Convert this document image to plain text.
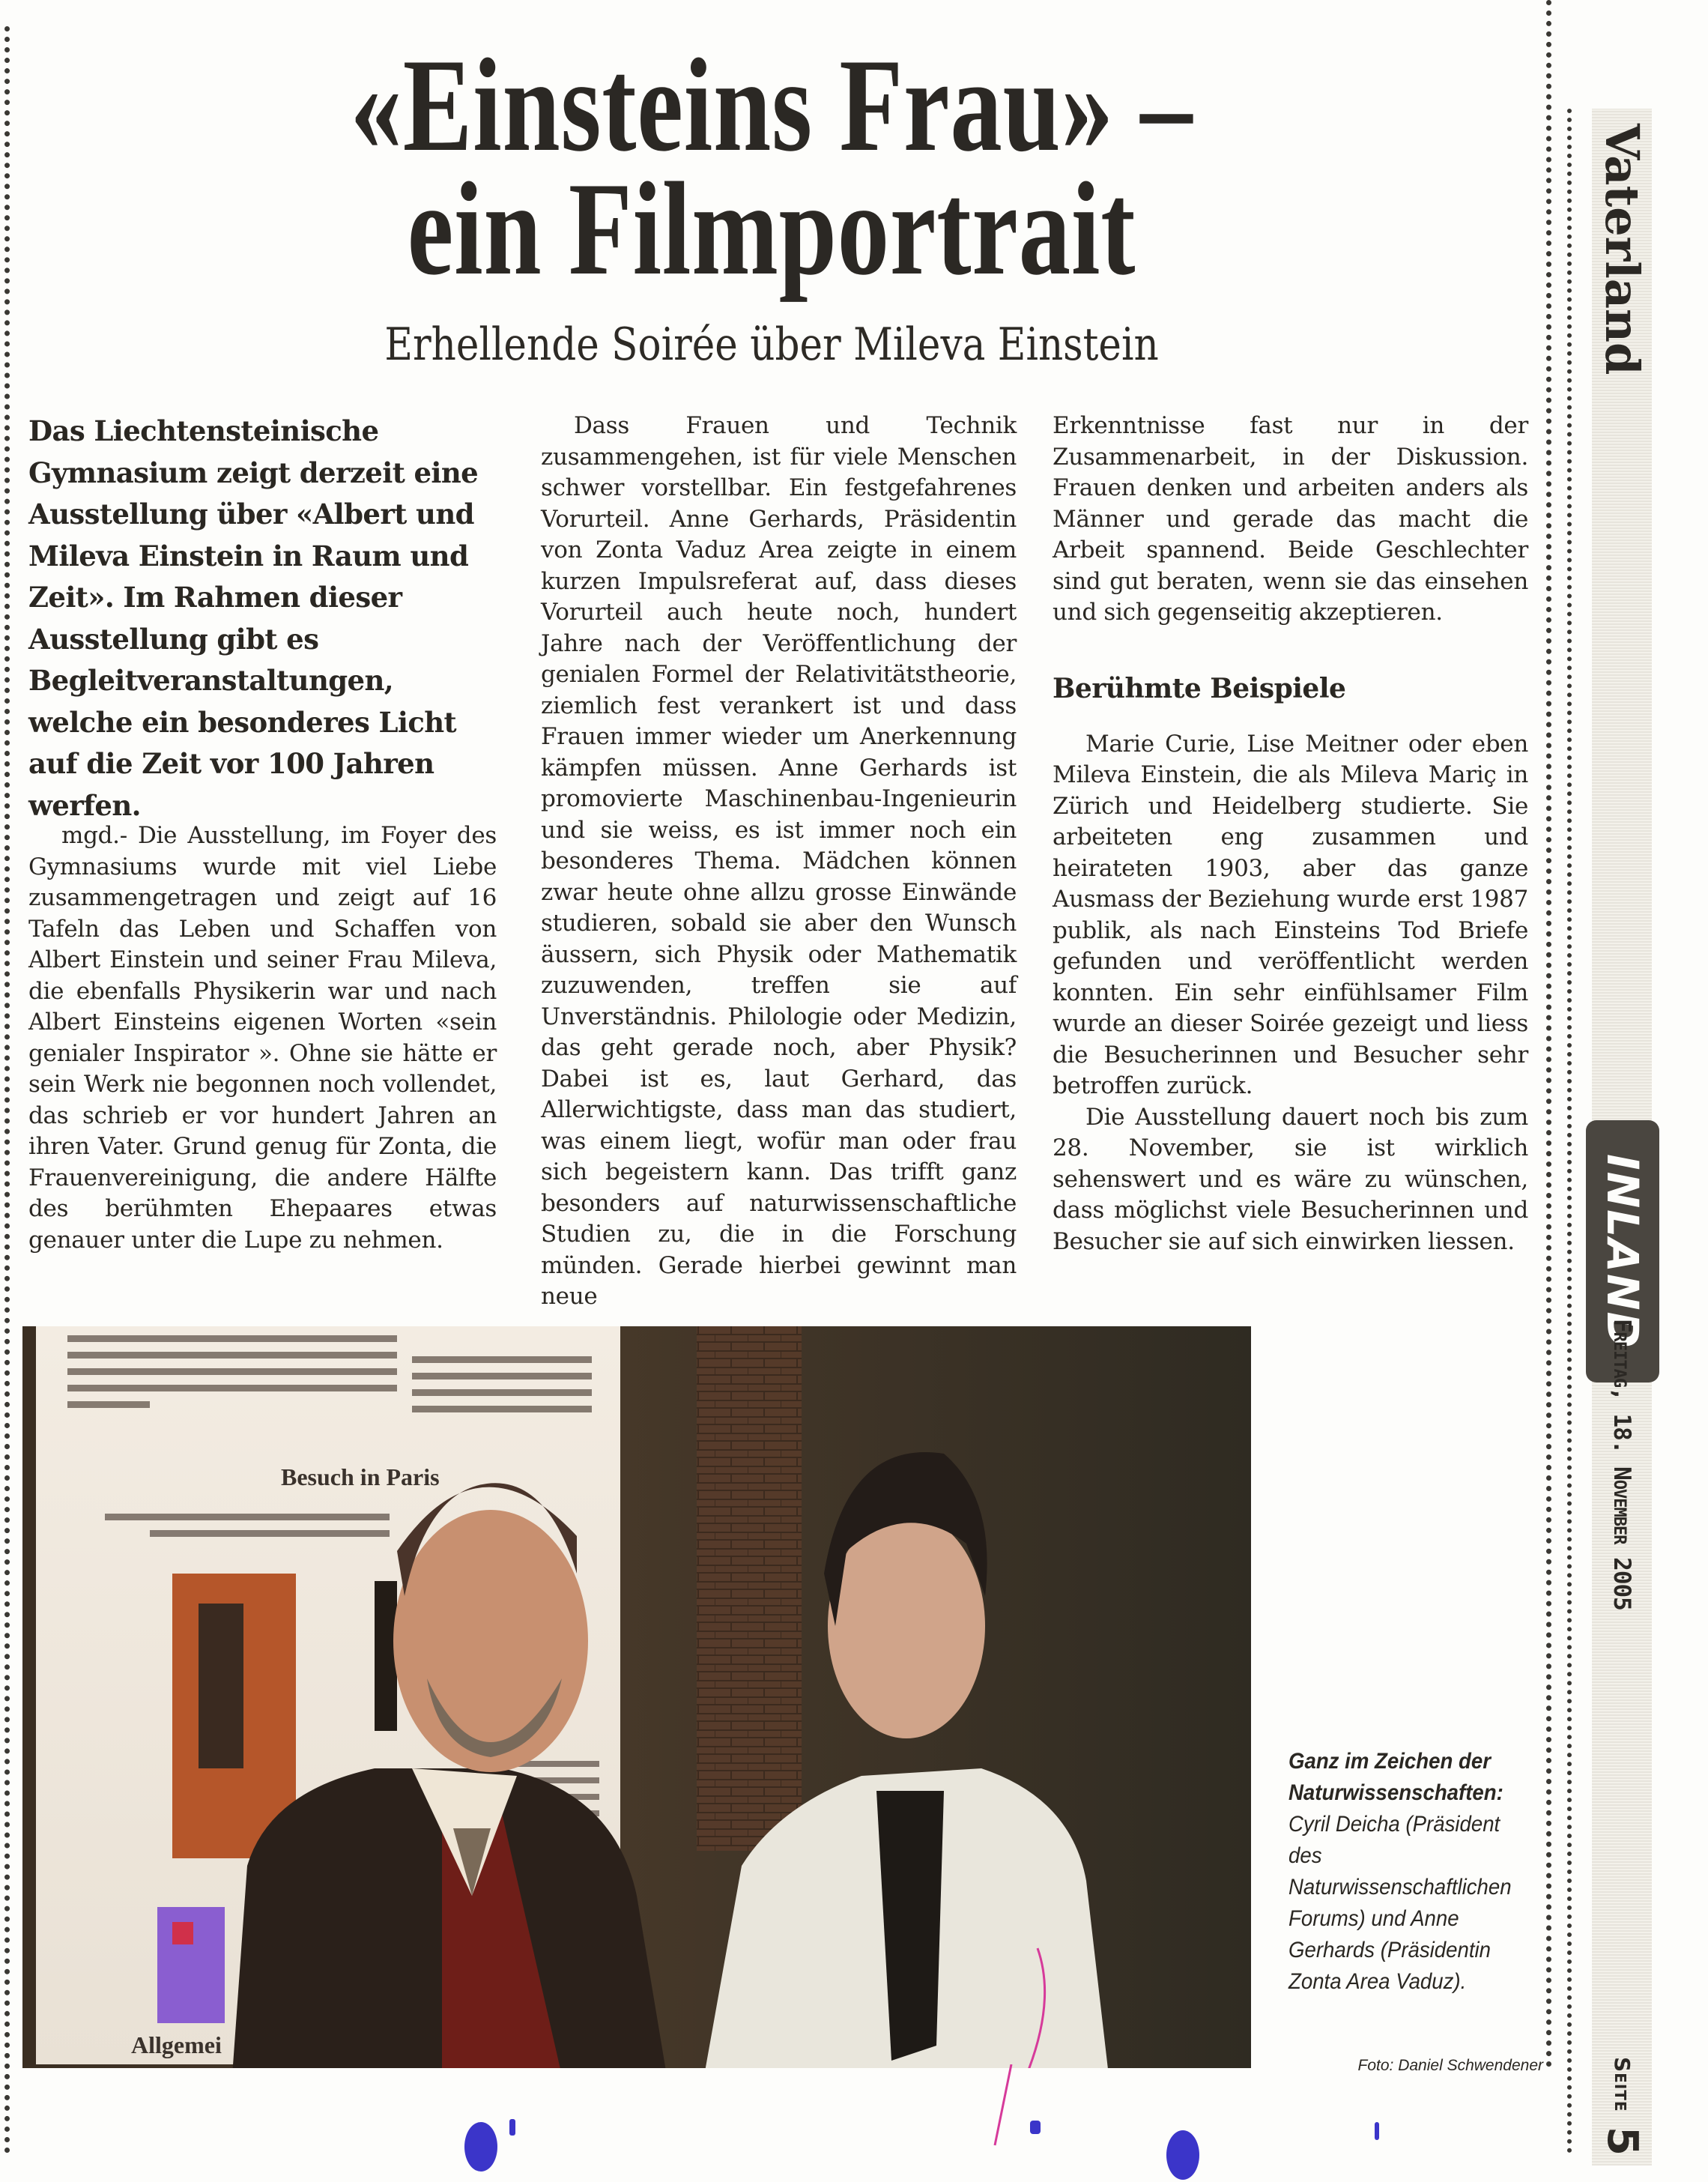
«Einsteins Frau» –
ein Filmportrait
Erhellende Soirée über Mileva Einstein
Das Liechtensteinische Gymnasium zeigt derzeit eine Ausstellung über «Albert und Mileva Einstein in Raum und Zeit». Im Rahmen dieser Ausstellung gibt es Begleitveranstaltungen, welche ein besonderes Licht auf die Zeit vor 100 Jahren werfen.

mgd.- Die Ausstellung, im Foyer des Gymnasiums wurde mit viel Liebe zusammengetragen und zeigt auf 16 Tafeln das Leben und Schaffen von Albert Einstein und seiner Frau Mileva, die ebenfalls Physikerin war und nach Albert Einsteins eigenen Worten «sein genialer Inspirator ». Ohne sie hätte er sein Werk nie begonnen noch vollendet, das schrieb er vor hundert Jahren an ihren Vater. Grund genug für Zonta, die Frauenvereinigung, die andere Hälfte des berühmten Ehepaares etwas genauer unter die Lupe zu nehmen.

Dass Frauen und Technik zusammengehen, ist für viele Menschen schwer vorstellbar. Ein festgefahrenes Vorurteil. Anne Gerhards, Präsidentin von Zonta Vaduz Area zeigte in einem kurzen Impulsreferat auf, dass dieses Vorurteil auch heute noch, hundert Jahre nach der Veröffentlichung der genialen Formel der Relativitätstheorie, ziemlich fest verankert ist und dass Frauen immer wieder um Anerkennung kämpfen müssen. Anne Gerhards ist promovierte Maschinenbau-Ingenieurin und sie weiss, es ist immer noch ein besonderes Thema. Mädchen können zwar heute ohne allzu grosse Einwände studieren, sobald sie aber den Wunsch äussern, sich Physik oder Mathematik zuzuwenden, treffen sie auf Unverständnis. Philologie oder Medizin, das geht gerade noch, aber Physik? Dabei ist es, laut Gerhard, das Allerwichtigste, dass man das studiert, was einem liegt, wofür man oder frau sich begeistern kann. Das trifft ganz besonders auf naturwissenschaftliche Studien zu, die in die Forschung münden. Gerade hierbei gewinnt man neue

Erkenntnisse fast nur in der Zusammenarbeit, in der Diskussion. Frauen denken und arbeiten anders als Männer und gerade das macht die Arbeit spannend. Beide Geschlechter sind gut beraten, wenn sie das einsehen und sich gegenseitig akzeptieren.

Berühmte Beispiele

Marie Curie, Lise Meitner oder eben Mileva Einstein, die als Mileva Mariç in Zürich und Heidelberg studierte. Sie arbeiteten eng zusammen und heirateten 1903, aber das ganze Ausmass der Beziehung wurde erst 1987 publik, als nach Einsteins Tod Briefe gefunden und veröffentlicht werden konnten. Ein sehr einfühlsamer Film wurde an dieser Soirée gezeigt und liess die Besucherinnen und Besucher sehr betroffen zurück.

Die Ausstellung dauert noch bis zum 28. November, sie ist wirklich sehenswert und es wäre zu wünschen, dass möglichst viele Besucherinnen und Besucher sie auf sich einwirken liessen.

Besuch in Paris
Allgemei
Ganz im Zeichen der Naturwissenschaften: Cyril Deicha (Präsident des Naturwissenschaftlichen Forums) und Anne Gerhards (Präsidentin Zonta Area Vaduz).
Foto: Daniel Schwendener
Vaterland
INLAND
Freitag, 18. November 2005
Seite
5
